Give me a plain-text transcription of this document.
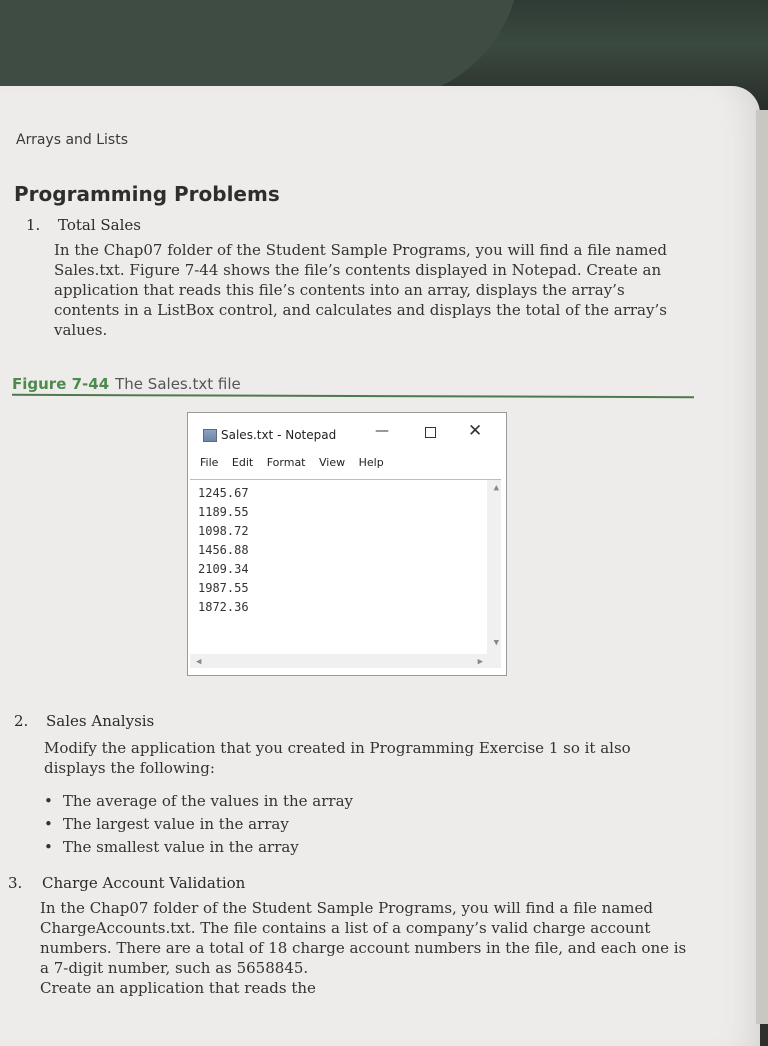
Arrays and Lists
Programming Problems
1. Total Sales
In the Chap07 folder of the Student Sample Programs, you will find a file named
Sales.txt. Figure 7-44 shows the file’s contents displayed in Notepad. Create an
application that reads this file’s contents into an array, displays the array’s
contents in a ListBox control, and calculates and displays the total of the array’s
values.
Figure 7-44 The Sales.txt file
2. Sales Analysis
Modify the application that you created in Programming Exercise 1 so it also
displays the following:
• The average of the values in the array
• The largest value in the array
• The smallest value in the array
3. Charge Account Validation
In the Chap07 folder of the Student Sample Programs, you will find a file named
ChargeAccounts.txt. The file contains a list of a company’s valid charge account
numbers. There are a total of 18 charge account numbers in the file, and each one is
a 7-digit number, such as 5658845.
Create an application that reads the
Sales.txt - Notepad	—	✕
File Edit Format View Help
1245.67
1189.55
1098.72
1456.88
2109.34
1987.55
1872.36
▲
▼
◀	▶
